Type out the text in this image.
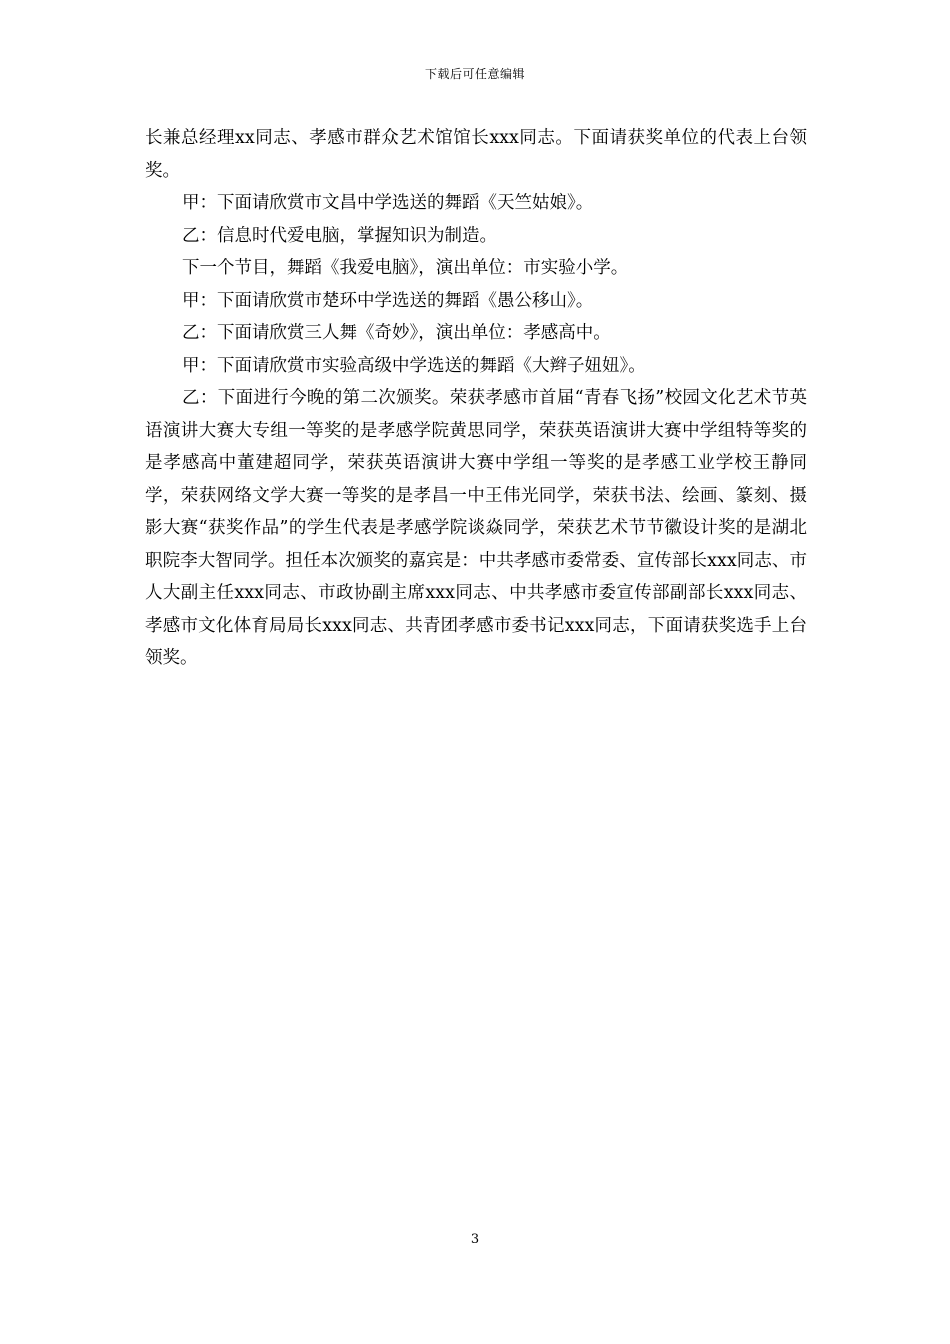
下载后可任意编辑

长兼总经理xx同志、孝感市群众艺术馆馆长xxx同志。下面请获奖单位的代表上台领奖。

甲：下面请欣赏市文昌中学选送的舞蹈《天竺姑娘》。

乙：信息时代爱电脑，掌握知识为制造。

下一个节目，舞蹈《我爱电脑》，演出单位：市实验小学。

甲：下面请欣赏市楚环中学选送的舞蹈《愚公移山》。

乙：下面请欣赏三人舞《奇妙》，演出单位：孝感高中。

甲：下面请欣赏市实验高级中学选送的舞蹈《大辫子妞妞》。

乙：下面进行今晚的第二次颁奖。荣获孝感市首届“青春飞扬”校园文化艺术节英语演讲大赛大专组一等奖的是孝感学院黄思同学，荣获英语演讲大赛中学组特等奖的是孝感高中董建超同学，荣获英语演讲大赛中学组一等奖的是孝感工业学校王静同学，荣获网络文学大赛一等奖的是孝昌一中王伟光同学，荣获书法、绘画、篆刻、摄影大赛“获奖作品”的学生代表是孝感学院谈焱同学，荣获艺术节节徽设计奖的是湖北职院李大智同学。担任本次颁奖的嘉宾是：中共孝感市委常委、宣传部长xxx同志、市人大副主任xxx同志、市政协副主席xxx同志、中共孝感市委宣传部副部长xxx同志、孝感市文化体育局局长xxx同志、共青团孝感市委书记xxx同志，下面请获奖选手上台领奖。

3
